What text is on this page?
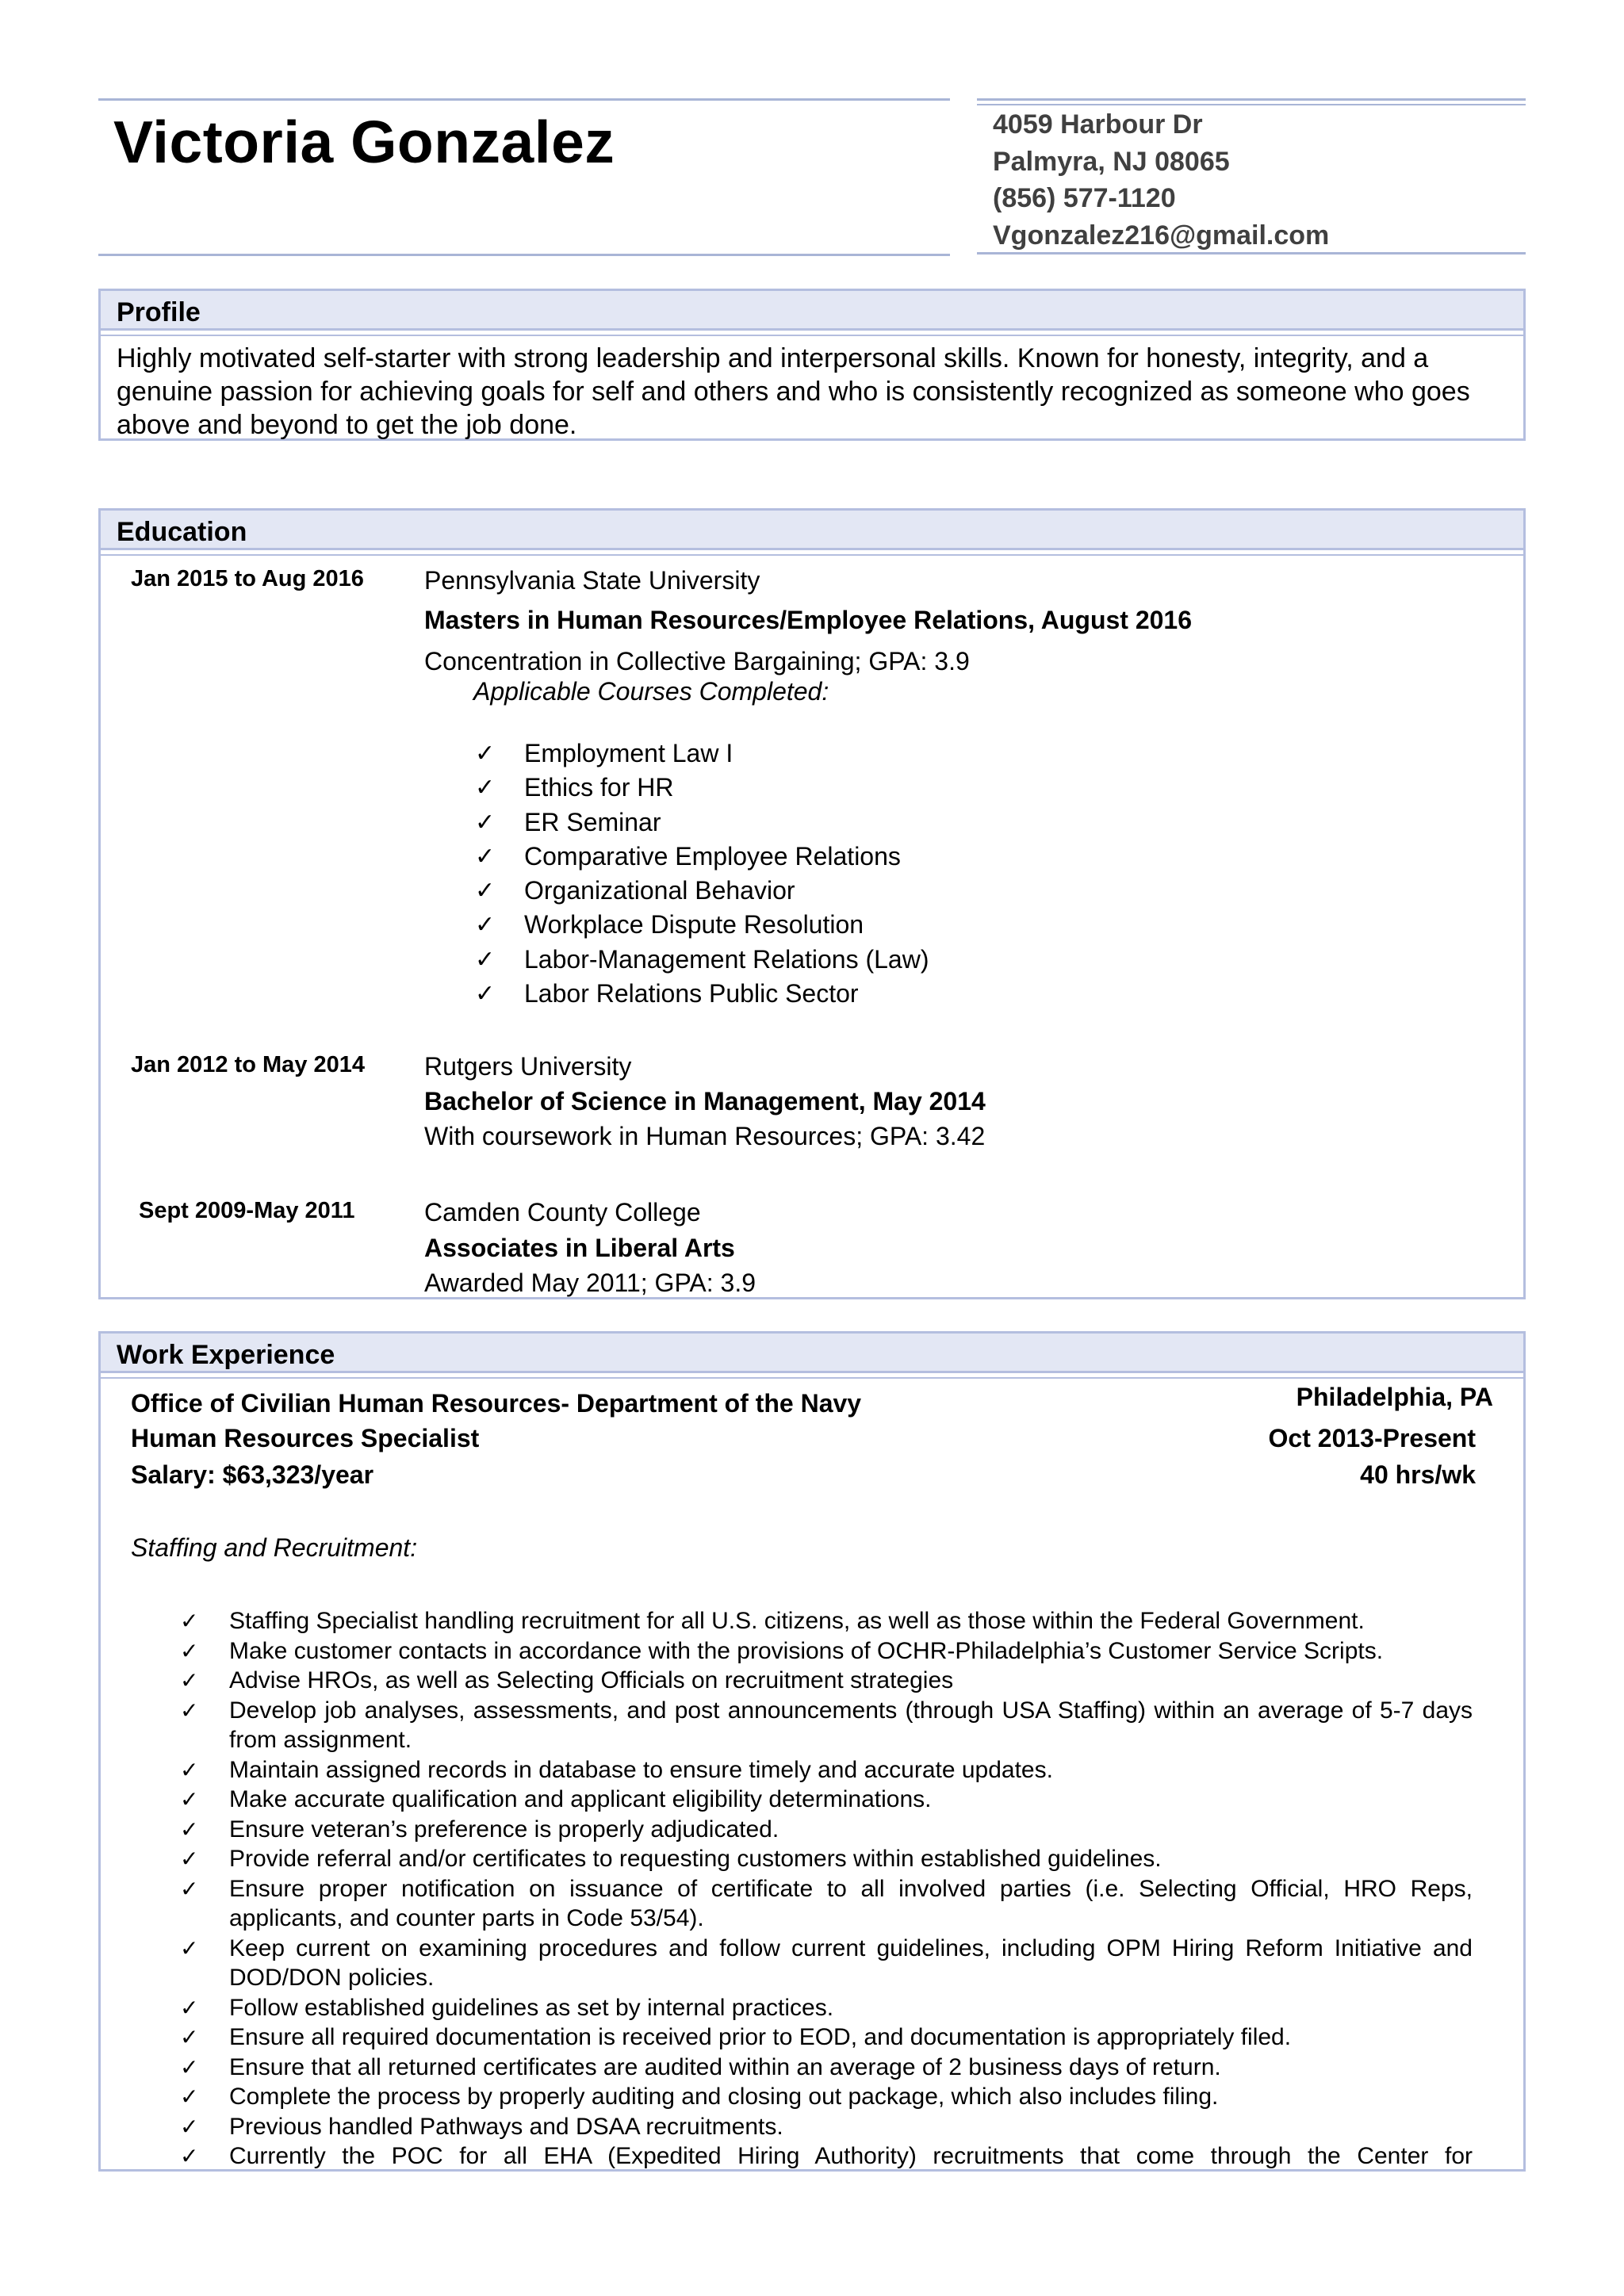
Victoria Gonzalez	4059 Harbour Dr
Palmyra, NJ 08065
(856) 577-1120
Vgonzalez216@gmail.com
Profile
Highly motivated self-starter with strong leadership and interpersonal skills. Known for honesty, integrity, and a genuine passion for achieving goals for self and others and who is consistently recognized as someone who goes above and beyond to get the job done.
Education
Jan 2015 to Aug 2016 Pennsylvania State University
Masters in Human Resources/Employee Relations, August 2016
Concentration in Collective Bargaining; GPA: 3.9
Applicable Courses Completed:
✓ Employment Law I
✓ Ethics for HR
✓ ER Seminar
✓ Comparative Employee Relations
✓ Organizational Behavior
✓ Workplace Dispute Resolution
✓ Labor-Management Relations (Law)
✓ Labor Relations Public Sector
Jan 2012 to May 2014 Rutgers University
Bachelor of Science in Management, May 2014
With coursework in Human Resources; GPA: 3.42
Sept 2009-May 2011	Camden County College
Associates in Liberal Arts
Awarded May 2011; GPA: 3.9
Work Experience
Office of Civilian Human Resources- Department of the Navy
Human Resources Specialist
Salary: $63,323/year
Philadelphia, PA
Oct 2013-Present
40 hrs/wk
Staffing and Recruitment:
✓ Staffing Specialist handling recruitment for all U.S. citizens, as well as those within the Federal Government.
✓ Make customer contacts in accordance with the provisions of OCHR-Philadelphia’s Customer Service Scripts.
✓ Advise HROs, as well as Selecting Officials on recruitment strategies
✓ Develop job analyses, assessments, and post announcements (through USA Staffing) within an average of 5-7 days from assignment.
✓ Maintain assigned records in database to ensure timely and accurate updates.
✓ Make accurate qualification and applicant eligibility determinations.
✓ Ensure veteran’s preference is properly adjudicated.
✓ Provide referral and/or certificates to requesting customers within established guidelines.
✓ Ensure proper notification on issuance of certificate to all involved parties (i.e. Selecting Official, HRO Reps, applicants, and counter parts in Code 53/54).
✓ Keep current on examining procedures and follow current guidelines, including OPM Hiring Reform Initiative and DOD/DON policies.
✓ Follow established guidelines as set by internal practices.
✓ Ensure all required documentation is received prior to EOD, and documentation is appropriately filed.
✓ Ensure that all returned certificates are audited within an average of 2 business days of return.
✓ Complete the process by properly auditing and closing out package, which also includes filing.
✓ Previous handled Pathways and DSAA recruitments.
✓ Currently the POC for all EHA (Expedited Hiring Authority) recruitments that come through the Center for
